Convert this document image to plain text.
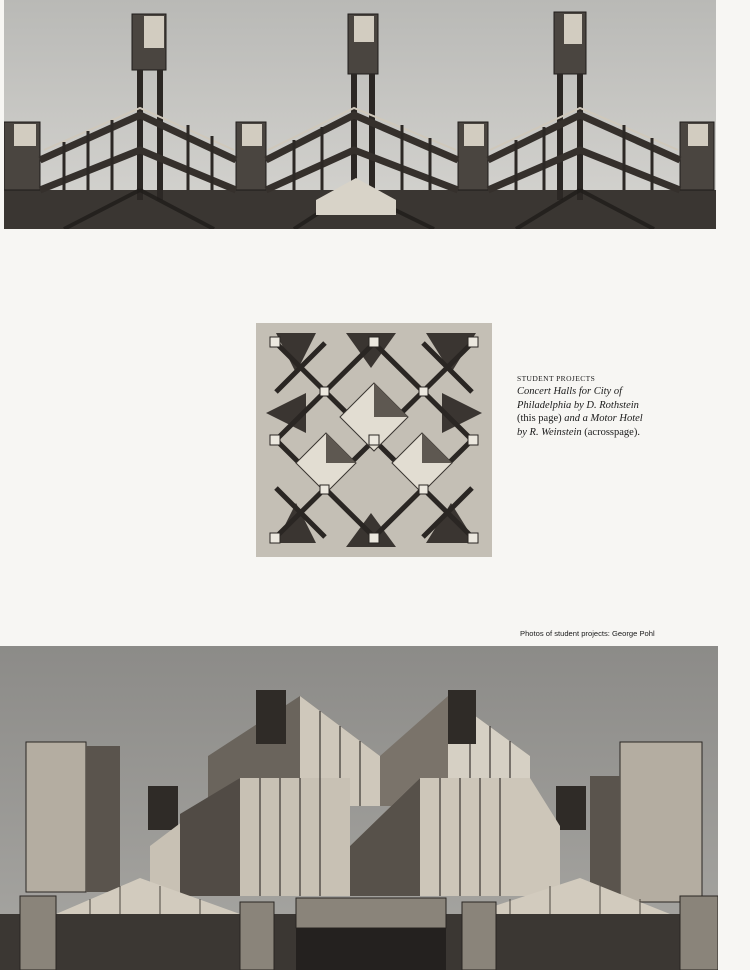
STUDENT PROJECTS
Concert Halls for City of
Philadelphia by D. Rothstein
(this page) and a Motor Hotel
by R. Weinstein (acrosspage).
Photos of student projects: George Pohl
